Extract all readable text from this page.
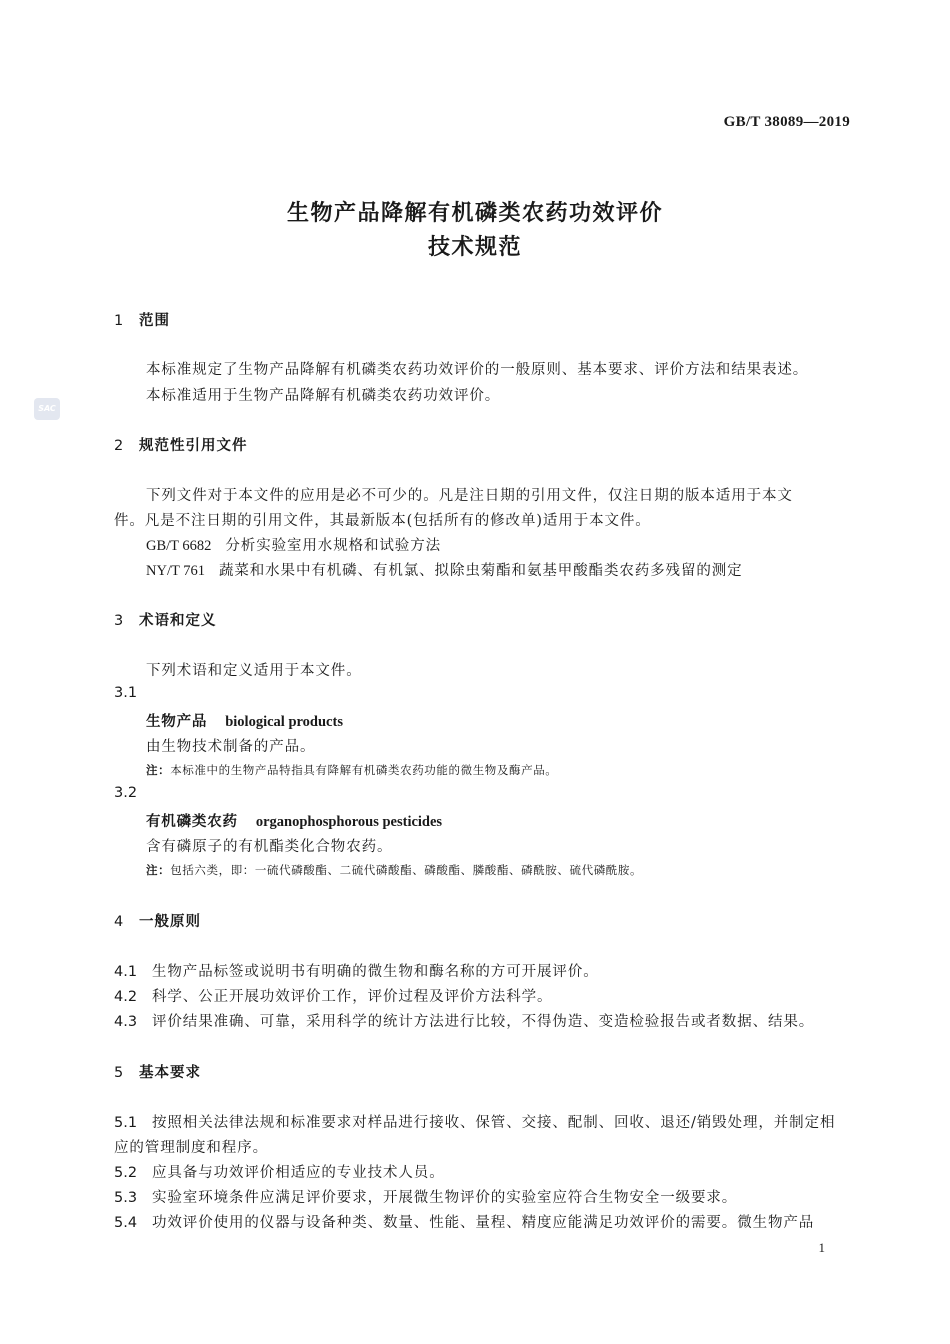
GB/T 38089—2019
生物产品降解有机磷类农药功效评价
技术规范
SAC
1 范围
本标准规定了生物产品降解有机磷类农药功效评价的一般原则、基本要求、评价方法和结果表述。
本标准适用于生物产品降解有机磷类农药功效评价。
2 规范性引用文件
下列文件对于本文件的应用是必不可少的。凡是注日期的引用文件，仅注日期的版本适用于本文
件。凡是不注日期的引用文件，其最新版本(包括所有的修改单)适用于本文件。
GB/T 6682 分析实验室用水规格和试验方法
NY/T 761 蔬菜和水果中有机磷、有机氯、拟除虫菊酯和氨基甲酸酯类农药多残留的测定
3 术语和定义
下列术语和定义适用于本文件。
3.1
生物产品 biological products
由生物技术制备的产品。
注：本标准中的生物产品特指具有降解有机磷类农药功能的微生物及酶产品。
3.2
有机磷类农药 organophosphorous pesticides
含有磷原子的有机酯类化合物农药。
注：包括六类，即：一硫代磷酸酯、二硫代磷酸酯、磷酸酯、膦酸酯、磷酰胺、硫代磷酰胺。
4 一般原则
4.1 生物产品标签或说明书有明确的微生物和酶名称的方可开展评价。
4.2 科学、公正开展功效评价工作，评价过程及评价方法科学。
4.3 评价结果准确、可靠，采用科学的统计方法进行比较，不得伪造、变造检验报告或者数据、结果。
5 基本要求
5.1 按照相关法律法规和标准要求对样品进行接收、保管、交接、配制、回收、退还/销毁处理，并制定相
应的管理制度和程序。
5.2 应具备与功效评价相适应的专业技术人员。
5.3 实验室环境条件应满足评价要求，开展微生物评价的实验室应符合生物安全一级要求。
5.4 功效评价使用的仪器与设备种类、数量、性能、量程、精度应能满足功效评价的需要。微生物产品
1
